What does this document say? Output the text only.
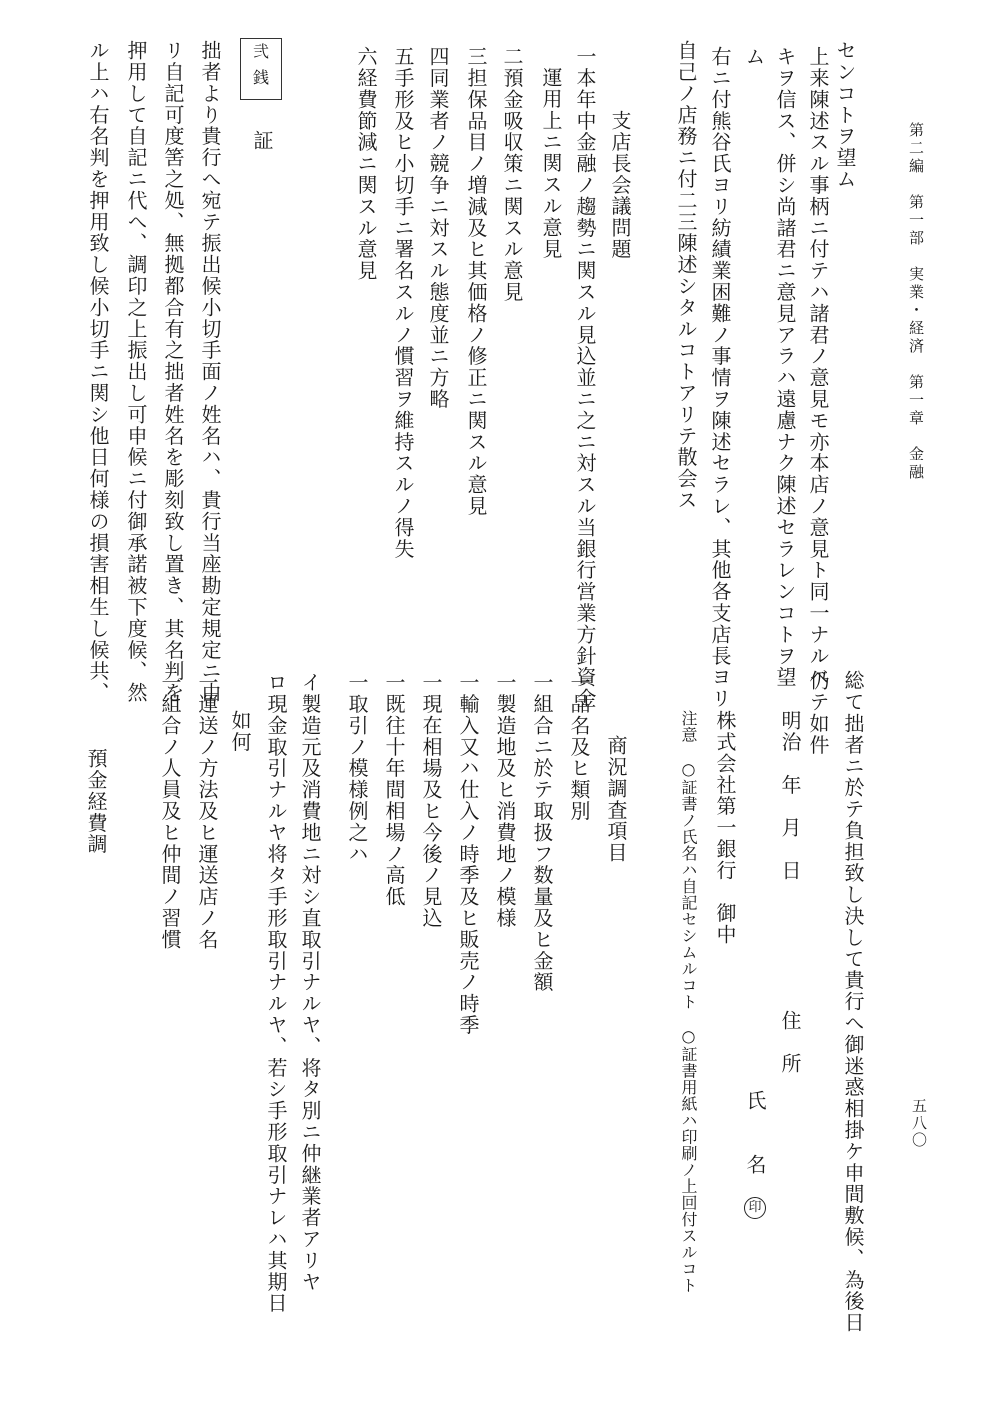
第二編　第一部　実業・経済　第一章　金融
五八〇
センコトヲ望ム
上来陳述スル事柄ニ付テハ諸君ノ意見モ亦本店ノ意見ト同一ナルベ
キヲ信ス、併シ尚諸君ニ意見アラハ遠慮ナク陳述セラレンコトヲ望
ム
右ニ付熊谷氏ヨリ紡績業困難ノ事情ヲ陳述セラレ、其他各支店長ヨリ
自己ノ店務ニ付二三陳述シタルコトアリテ散会ス
支店長会議問題
一本年中金融ノ趨勢ニ関スル見込並ニ之ニ対スル当銀行営業方針資金
運用上ニ関スル意見
二預金吸収策ニ関スル意見
三担保品目ノ増減及ヒ其価格ノ修正ニ関スル意見
四同業者ノ競争ニ対スル態度並ニ方略
五手形及ヒ小切手ニ署名スルノ慣習ヲ維持スルノ得失
六経費節減ニ関スル意見
弐
銭
証
拙者より貴行へ宛テ振出候小切手面ノ姓名ハ、貴行当座勘定規定ニ由
リ自記可度筈之処、無拠都合有之拙者姓名を彫刻致し置き、其名判を
押用して自記ニ代へ、調印之上振出し可申候ニ付御承諾被下度候、然
ル上ハ右名判を押用致し候小切手ニ関シ他日何様の損害相生し候共、
総て拙者ニ於テ負担致し決して貴行へ御迷惑相掛ケ申間敷候、為後日
仍テ如件
明治　年　月　日
住　所
氏
名
印
株式会社第一銀行　御中
注意　○証書ノ氏名ハ自記セシムルコト　○証書用紙ハ印刷ノ上回付スルコト
商況調査項目
一品名及ヒ類別
一組合ニ於テ取扱フ数量及ヒ金額
一製造地及ヒ消費地ノ模様
一輸入又ハ仕入ノ時季及ヒ販売ノ時季
一現在相場及ヒ今後ノ見込
一既往十年間相場ノ高低
一取引ノ模様例之ハ
イ製造元及消費地ニ対シ直取引ナルヤ、将タ別ニ仲継業者アリヤ
ロ現金取引ナルヤ将タ手形取引ナルヤ、若シ手形取引ナレハ其期日
如何
一運送ノ方法及ヒ運送店ノ名
一組合ノ人員及ヒ仲間ノ習慣
預金経費調
